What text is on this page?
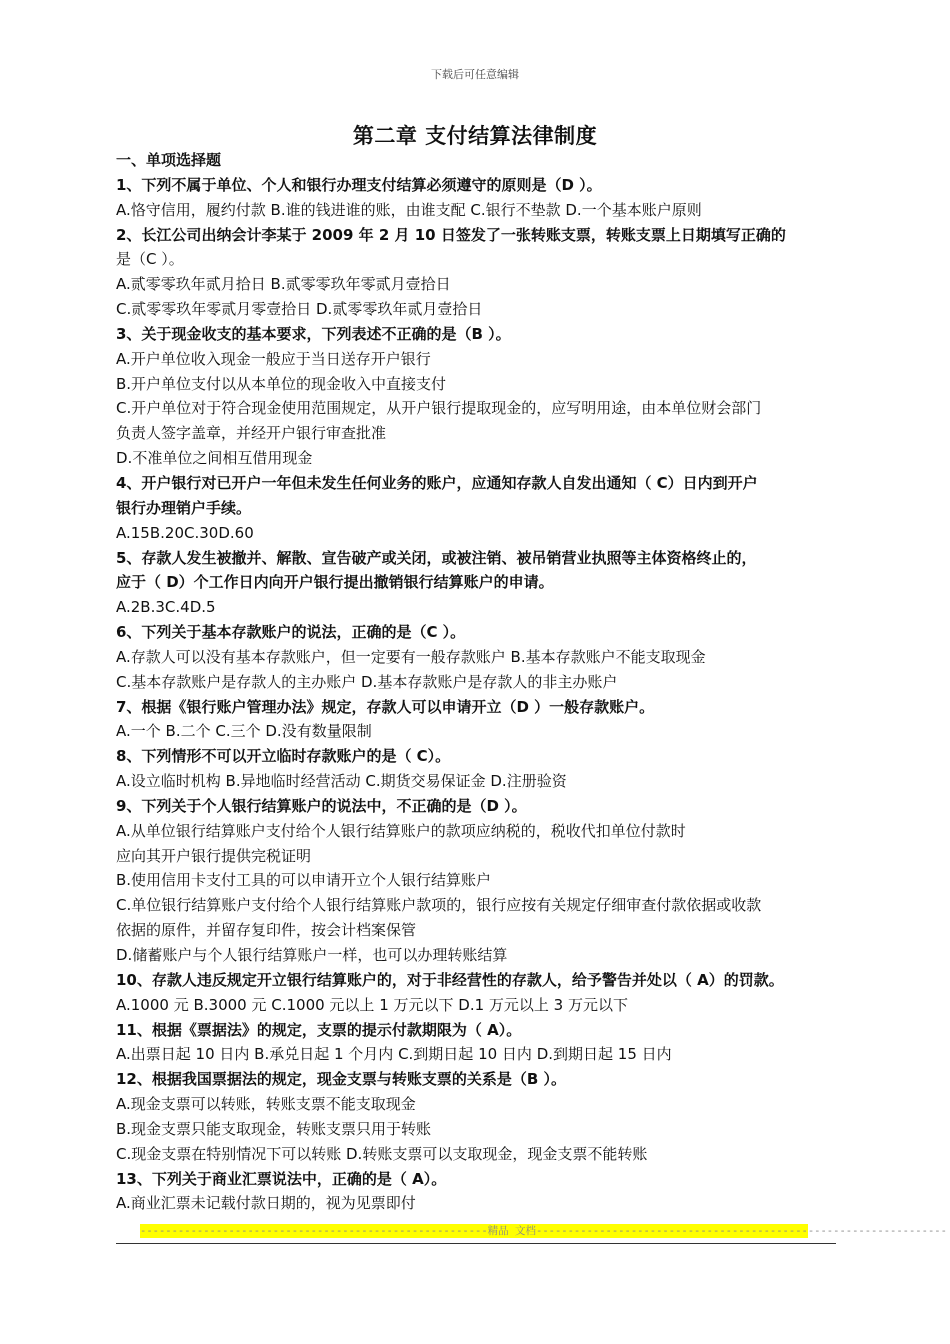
下载后可任意编辑
第二章 支付结算法律制度
一、单项选择题
1、下列不属于单位、个人和银行办理支付结算必须遵守的原则是（D ）。
A.恪守信用，履约付款 B.谁的钱进谁的账，由谁支配 C.银行不垫款 D.一个基本账户原则
2、长江公司出纳会计李某于 2009 年 2 月 10 日签发了一张转账支票，转账支票上日期填写正确的
是（C ）。
A.贰零零玖年贰月拾日 B.贰零零玖年零贰月壹拾日
C.贰零零玖年零贰月零壹拾日 D.贰零零玖年贰月壹拾日
3、关于现金收支的基本要求，下列表述不正确的是（B ）。
A.开户单位收入现金一般应于当日送存开户银行
B.开户单位支付以从本单位的现金收入中直接支付
C.开户单位对于符合现金使用范围规定，从开户银行提取现金的，应写明用途，由本单位财会部门
负责人签字盖章，并经开户银行审查批准
D.不准单位之间相互借用现金
4、开户银行对已开户一年但未发生任何业务的账户，应通知存款人自发出通知（ C）日内到开户
银行办理销户手续。
A.15B.20C.30D.60
5、存款人发生被撤并、解散、宣告破产或关闭，或被注销、被吊销营业执照等主体资格终止的，
应于（ D）个工作日内向开户银行提出撤销银行结算账户的申请。
A.2B.3C.4D.5
6、下列关于基本存款账户的说法，正确的是（C ）。
A.存款人可以没有基本存款账户，但一定要有一般存款账户 B.基本存款账户不能支取现金
C.基本存款账户是存款人的主办账户 D.基本存款账户是存款人的非主办账户
7、根据《银行账户管理办法》规定，存款人可以申请开立（D ）一般存款账户。
A.一个 B.二个 C.三个 D.没有数量限制
8、下列情形不可以开立临时存款账户的是（ C）。
A.设立临时机构 B.异地临时经营活动 C.期货交易保证金 D.注册验资
9、下列关于个人银行结算账户的说法中，不正确的是（D ）。
A.从单位银行结算账户支付给个人银行结算账户的款项应纳税的，税收代扣单位付款时
应向其开户银行提供完税证明
B.使用信用卡支付工具的可以申请开立个人银行结算账户
C.单位银行结算账户支付给个人银行结算账户款项的，银行应按有关规定仔细审查付款依据或收款
依据的原件，并留存复印件，按会计档案保管
D.储蓄账户与个人银行结算账户一样，也可以办理转账结算
10、存款人违反规定开立银行结算账户的，对于非经营性的存款人，给予警告并处以（ A）的罚款。
A.1000 元 B.3000 元 C.1000 元以上 1 万元以下 D.1 万元以上 3 万元以下
11、根据《票据法》的规定，支票的提示付款期限为（ A）。
A.出票日起 10 日内 B.承兑日起 1 个月内 C.到期日起 10 日内 D.到期日起 15 日内
12、根据我国票据法的规定，现金支票与转账支票的关系是（B ）。
A.现金支票可以转账，转账支票不能支取现金
B.现金支票只能支取现金，转账支票只用于转账
C.现金支票在特别情况下可以转账 D.转账支票可以支取现金，现金支票不能转账
13、下列关于商业汇票说法中，正确的是（ A）。
A.商业汇票未记载付款日期的，视为见票即付
-------------------------------------------------------精品 文档-----------------------------------------------------------------
